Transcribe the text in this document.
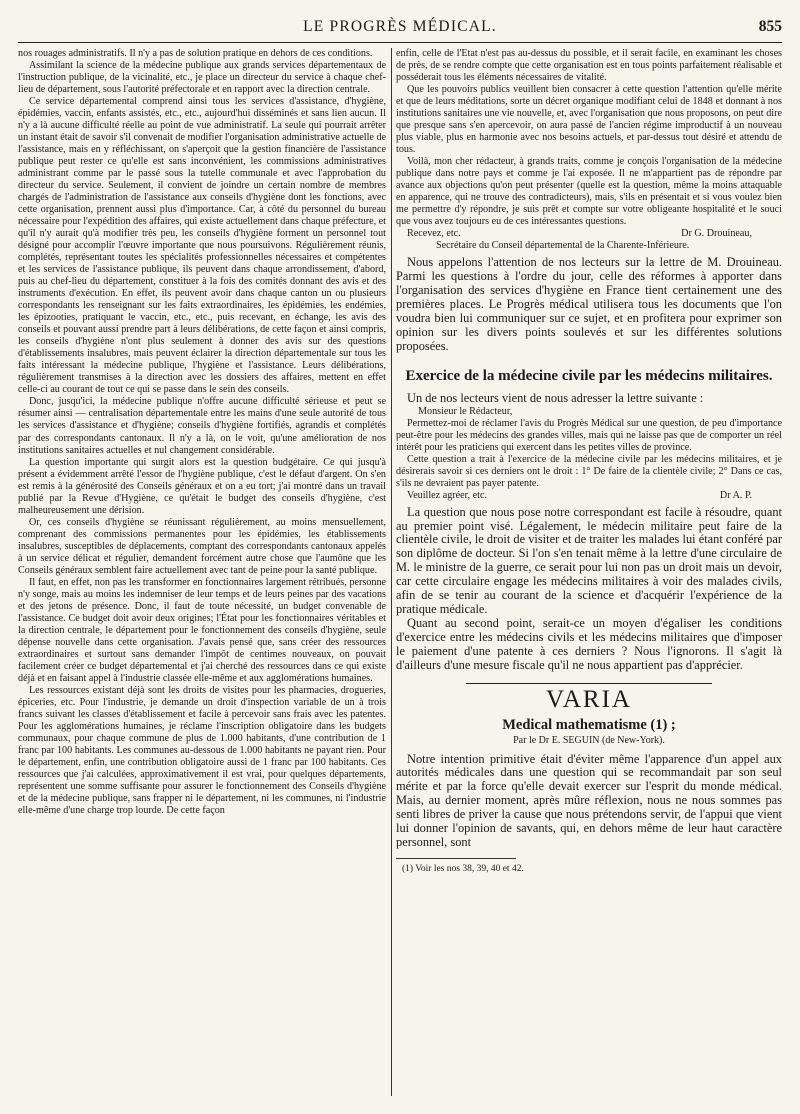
LE PROGRÈS MÉDICAL.	855

nos rouages administratifs. Il n'y a pas de solution pratique en dehors de ces conditions.

Assimilant la science de la médecine publique aux grands services départementaux de l'instruction publique, de la vicinalité, etc., je place un directeur du service à chaque chef-lieu de département, sous l'autorité préfectorale et en rapport avec la direction centrale.

Ce service départemental comprend ainsi tous les services d'assistance, d'hygiène, épidémies, vaccin, enfants assistés, etc., etc., aujourd'hui disséminés et sans lien aucun. Il n'y a là aucune difficulté réelle au point de vue administratif. La seule qui pourrait arrêter un instant était de savoir s'il convenait de modifier l'organisation administrative actuelle de l'assistance, mais en y réfléchissant, on s'aperçoit que la gestion financière de l'assistance publique peut rester ce qu'elle est sans inconvénient, les commissions administratives administrant comme par le passé sous la tutelle communale et avec l'approbation du directeur du service. Seulement, il convient de joindre un certain nombre de membres chargés de l'administration de l'assistance aux conseils d'hygiène dont les fonctions, avec cette organisation, prennent aussi plus d'importance. Car, à côté du personnel du bureau nécessaire pour l'expédition des affaires, qui existe actuellement dans chaque préfecture, et qu'il n'y aurait qu'à modifier très peu, les conseils d'hygiène forment un personnel tout désigné pour accomplir l'œuvre importante que nous poursuivons. Régulièrement réunis, complétés, représentant toutes les spécialités professionnelles nécessaires et compétentes et les services de l'assistance publique, ils peuvent dans chaque arrondissement, d'abord, puis au chef-lieu du département, constituer à la fois des comités donnant des avis et des instruments d'exécution. En effet, ils peuvent avoir dans chaque canton un ou plusieurs correspondants les renseignant sur les faits extraordinaires, les épidémies, les endémies, les épizooties, pratiquant le vaccin, etc., etc., puis recevant, en échange, les avis des conseils et pouvant aussi prendre part à leurs délibérations, de cette façon et ainsi compris, les conseils d'hygiène n'ont plus seulement à donner des avis sur des questions d'établissements insalubres, mais peuvent éclairer la direction départementale sur tous les faits intéressant la médecine publique, l'hygiène et l'assistance. Leurs délibérations, régulièrement transmises à la direction avec les dossiers des affaires, mettent en effet celle-ci au courant de tout ce qui se passe dans le sein des conseils.

Donc, jusqu'ici, la médecine publique n'offre aucune difficulté sérieuse et peut se résumer ainsi — centralisation départementale entre les mains d'une seule autorité de tous les services d'assistance et d'hygiène; conseils d'hygiène fortifiés, agrandis et complétés par des correspondants cantonaux. Il n'y a là, on le voit, qu'une amélioration de nos institutions sanitaires actuelles et nul changement considérable.

La question importante qui surgit alors est la question budgétaire. Ce qui jusqu'à présent a évidemment arrêté l'essor de l'hygiène publique, c'est le défaut d'argent. On s'en est remis à la générosité des Conseils généraux et on a eu tort; j'ai montré dans un travail publié par la Revue d'Hygiène, ce qu'était le budget des conseils d'hygiène, c'est malheureusement une dérision.

Or, ces conseils d'hygiène se réunissant régulièrement, au moins mensuellement, comprenant des commissions permanentes pour les épidémies, les établissements insalubres, susceptibles de déplacements, comptant des correspondants cantonaux appelés à un service délicat et régulier, demandent forcément autre chose que l'aumône que les Conseils généraux semblent faire actuellement avec tant de peine pour la santé publique.

Il faut, en effet, non pas les transformer en fonctionnaires largement rétribués, personne n'y songe, mais au moins les indemniser de leur temps et de leurs peines par des vacations et des jetons de présence. Donc, il faut de toute nécessité, un budget convenable de l'assistance. Ce budget doit avoir deux origines; l'État pour les fonctionnaires véritables et la direction centrale, le département pour le fonctionnement des conseils d'hygiène, seule dépense nouvelle dans cette organisation. J'avais pensé que, sans créer des ressources extraordinaires et surtout sans demander l'impôt de centimes nouveaux, on pouvait facilement créer ce budget départemental et j'ai cherché des ressources dans ce qui existe déjà et en faisant appel à l'industrie classée elle-même et aux agglomérations humaines.

Les ressources existant déjà sont les droits de visites pour les pharmacies, drogueries, épiceries, etc. Pour l'industrie, je demande un droit d'inspection variable de un à trois francs suivant les classes d'établissement et facile à percevoir sans frais avec les patentes. Pour les agglomérations humaines, je réclame l'inscription obligatoire dans les budgets communaux, pour chaque commune de plus de 1.000 habitants, d'une contribution de 1 franc par 100 habitants. Les communes au-dessous de 1.000 habitants ne payant rien. Pour le département, enfin, une contribution obligatoire aussi de 1 franc par 100 habitants. Ces ressources que j'ai calculées, approximativement il est vrai, pour quelques départements, représentent une somme suffisante pour assurer le fonctionnement des Conseils d'hygiène et de la médecine publique, sans frapper ni le département, ni les communes, ni l'industrie elle-même d'une charge trop lourde. De cette façon

enfin, celle de l'Etat n'est pas au-dessus du possible, et il serait facile, en examinant les choses de près, de se rendre compte que cette organisation est en tous points parfaitement réalisable et posséderait tous les éléments nécessaires de vitalité.

Que les pouvoirs publics veuillent bien consacrer à cette question l'attention qu'elle mérite et que de leurs méditations, sorte un décret organique modifiant celui de 1848 et donnant à nos institutions sanitaires une vie nouvelle, et, avec l'organisation que nous proposons, on peut dire que presque sans s'en apercevoir, on aura passé de l'ancien régime improductif à un nouveau plus viable, plus en harmonie avec nos besoins actuels, et par-dessus tout désiré et attendu de tous.

Voilà, mon cher rédacteur, à grands traits, comme je conçois l'organisation de la médecine publique dans notre pays et comme je l'ai exposée. Il ne m'appartient pas de répondre par avance aux objections qu'on peut présenter (quelle est la question, même la moins attaquable en apparence, qui ne trouve des contradicteurs), mais, s'ils en présentait et si vous voulez bien me permettre d'y répondre, je suis prêt et compte sur votre obligeante hospitalité et le souci que vous avez toujours eu de ces intéressantes questions.

Recevez, etc.	Dr G. Drouineau,

Secrétaire du Conseil départemental de la Charente-Inférieure.

Nous appelons l'attention de nos lecteurs sur la lettre de M. Drouineau. Parmi les questions à l'ordre du jour, celle des réformes à apporter dans l'organisation des services d'hygiène en France tient certainement une des premières places. Le Progrès médical utilisera tous les documents que l'on voudra bien lui communiquer sur ce sujet, et en profitera pour exprimer son opinion sur les divers points soulevés et sur les différentes solutions proposées.

Exercice de la médecine civile par les médecins militaires.

Un de nos lecteurs vient de nous adresser la lettre suivante :

Monsieur le Rédacteur,

Permettez-moi de réclamer l'avis du Progrès Médical sur une question, de peu d'importance peut-être pour les médecins des grandes villes, mais qui ne laisse pas que de comporter un réel intérêt pour les praticiens qui exercent dans les petites villes de province.

Cette question a trait à l'exercice de la médecine civile par les médecins militaires, et je désirerais savoir si ces derniers ont le droit : 1° De faire de la clientèle civile; 2° Dans ce cas, s'ils ne devraient pas payer patente.

Veuillez agréer, etc.	Dr A. P.

La question que nous pose notre correspondant est facile à résoudre, quant au premier point visé. Légalement, le médecin militaire peut faire de la clientèle civile, le droit de visiter et de traiter les malades lui étant conféré par son diplôme de docteur. Si l'on s'en tenait même à la lettre d'une circulaire de M. le ministre de la guerre, ce serait pour lui non pas un droit mais un devoir, car cette circulaire engage les médecins militaires à voir des malades civils, afin de se tenir au courant de la science et d'acquérir l'expérience de la pratique médicale.

Quant au second point, serait-ce un moyen d'égaliser les conditions d'exercice entre les médecins civils et les médecins militaires que d'imposer le paiement d'une patente à ces derniers ? Nous l'ignorons. Il s'agit là d'ailleurs d'une mesure fiscale qu'il ne nous appartient pas d'apprécier.

VARIA
Medical mathematisme (1) ;
Par le Dr E. SEGUIN (de New-York).

Notre intention primitive était d'éviter même l'apparence d'un appel aux autorités médicales dans une question qui se recommandait par son seul mérite et par la force qu'elle devait exercer sur l'esprit du monde médical. Mais, au dernier moment, après mûre réflexion, nous ne nous sommes pas senti libres de priver la cause que nous prétendons servir, de l'appui que vient lui donner l'opinion de savants, qui, en dehors même de leur haut caractère personnel, sont

(1) Voir les nos 38, 39, 40 et 42.
